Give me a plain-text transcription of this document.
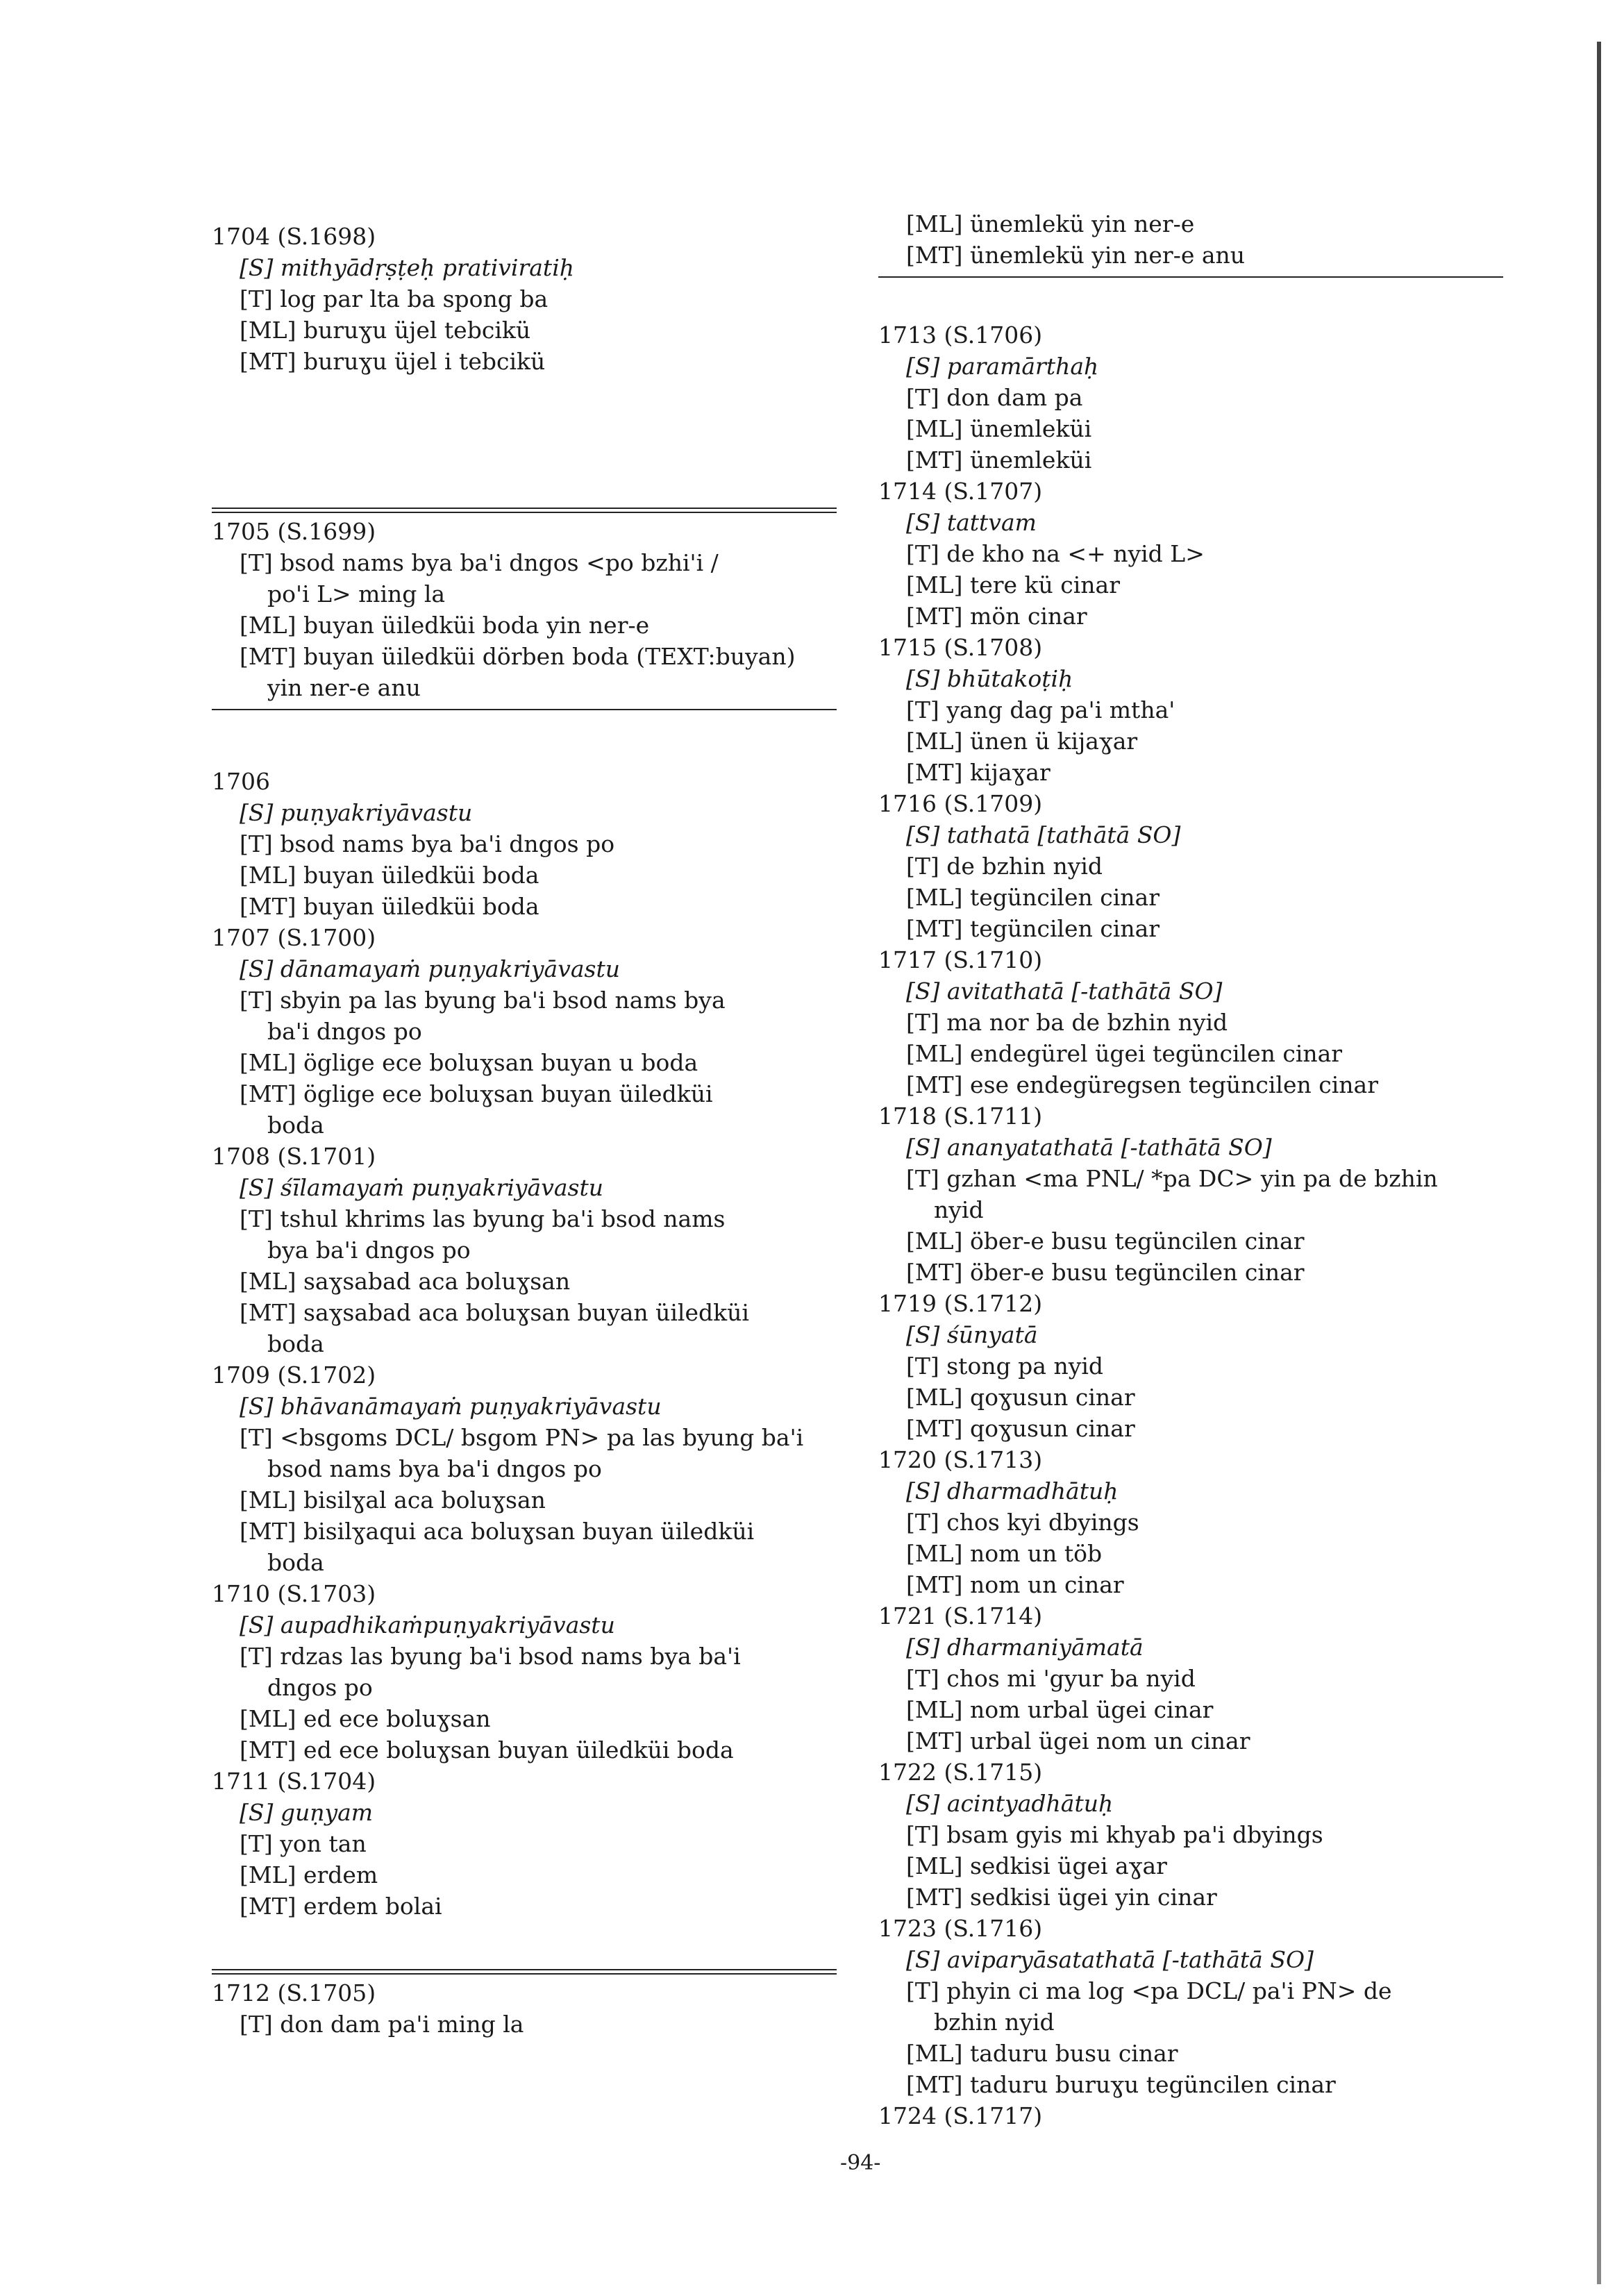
1704 (S.1698)
[S] mithyādṛṣṭeḥ prativiratiḥ
[T] log par lta ba spong ba
[ML] buruɣu üjel tebcikü
[MT] buruɣu üjel i tebcikü
1705 (S.1699)
[T] bsod nams bya ba'i dngos <po bzhi'i /
po'i L> ming la
[ML] buyan üiledküi boda yin ner-e
[MT] buyan üiledküi dörben boda (TEXT:buyan)
yin ner-e anu
1706
[S] puṇyakriyāvastu
[T] bsod nams bya ba'i dngos po
[ML] buyan üiledküi boda
[MT] buyan üiledküi boda
1707 (S.1700)
[S] dānamayaṁ puṇyakriyāvastu
[T] sbyin pa las byung ba'i bsod nams bya
ba'i dngos po
[ML] öglige ece boluɣsan buyan u boda
[MT] öglige ece boluɣsan buyan üiledküi
boda
1708 (S.1701)
[S] śīlamayaṁ puṇyakriyāvastu
[T] tshul khrims las byung ba'i bsod nams
bya ba'i dngos po
[ML] saɣsabad aca boluɣsan
[MT] saɣsabad aca boluɣsan buyan üiledküi
boda
1709 (S.1702)
[S] bhāvanāmayaṁ puṇyakriyāvastu
[T] <bsgoms DCL/ bsgom PN> pa las byung ba'i
bsod nams bya ba'i dngos po
[ML] bisilɣal aca boluɣsan
[MT] bisilɣaqui aca boluɣsan buyan üiledküi
boda
1710 (S.1703)
[S] aupadhikaṁpuṇyakriyāvastu
[T] rdzas las byung ba'i bsod nams bya ba'i
dngos po
[ML] ed ece boluɣsan
[MT] ed ece boluɣsan buyan üiledküi boda
1711 (S.1704)
[S] guṇyam
[T] yon tan
[ML] erdem
[MT] erdem bolai
1712 (S.1705)
[T] don dam pa'i ming la
[ML] ünemlekü yin ner-e
[MT] ünemlekü yin ner-e anu
1713 (S.1706)
[S] paramārthaḥ
[T] don dam pa
[ML] ünemleküi
[MT] ünemleküi
1714 (S.1707)
[S] tattvam
[T] de kho na <+ nyid L>
[ML] tere kü cinar
[MT] mön cinar
1715 (S.1708)
[S] bhūtakoṭiḥ
[T] yang dag pa'i mtha'
[ML] ünen ü kijaɣar
[MT] kijaɣar
1716 (S.1709)
[S] tathatā [tathātā SO]
[T] de bzhin nyid
[ML] tegüncilen cinar
[MT] tegüncilen cinar
1717 (S.1710)
[S] avitathatā [-tathātā SO]
[T] ma nor ba de bzhin nyid
[ML] endegürel ügei tegüncilen cinar
[MT] ese endegüregsen tegüncilen cinar
1718 (S.1711)
[S] ananyatathatā [-tathātā SO]
[T] gzhan <ma PNL/ *pa DC> yin pa de bzhin
nyid
[ML] öber-e busu tegüncilen cinar
[MT] öber-e busu tegüncilen cinar
1719 (S.1712)
[S] śūnyatā
[T] stong pa nyid
[ML] qoɣusun cinar
[MT] qoɣusun cinar
1720 (S.1713)
[S] dharmadhātuḥ
[T] chos kyi dbyings
[ML] nom un töb
[MT] nom un cinar
1721 (S.1714)
[S] dharmaniyāmatā
[T] chos mi 'gyur ba nyid
[ML] nom urbal ügei cinar
[MT] urbal ügei nom un cinar
1722 (S.1715)
[S] acintyadhātuḥ
[T] bsam gyis mi khyab pa'i dbyings
[ML] sedkisi ügei aɣar
[MT] sedkisi ügei yin cinar
1723 (S.1716)
[S] aviparyāsatathatā [-tathātā SO]
[T] phyin ci ma log <pa DCL/ pa'i PN> de
bzhin nyid
[ML] taduru busu cinar
[MT] taduru buruɣu tegüncilen cinar
1724 (S.1717)
-94-
